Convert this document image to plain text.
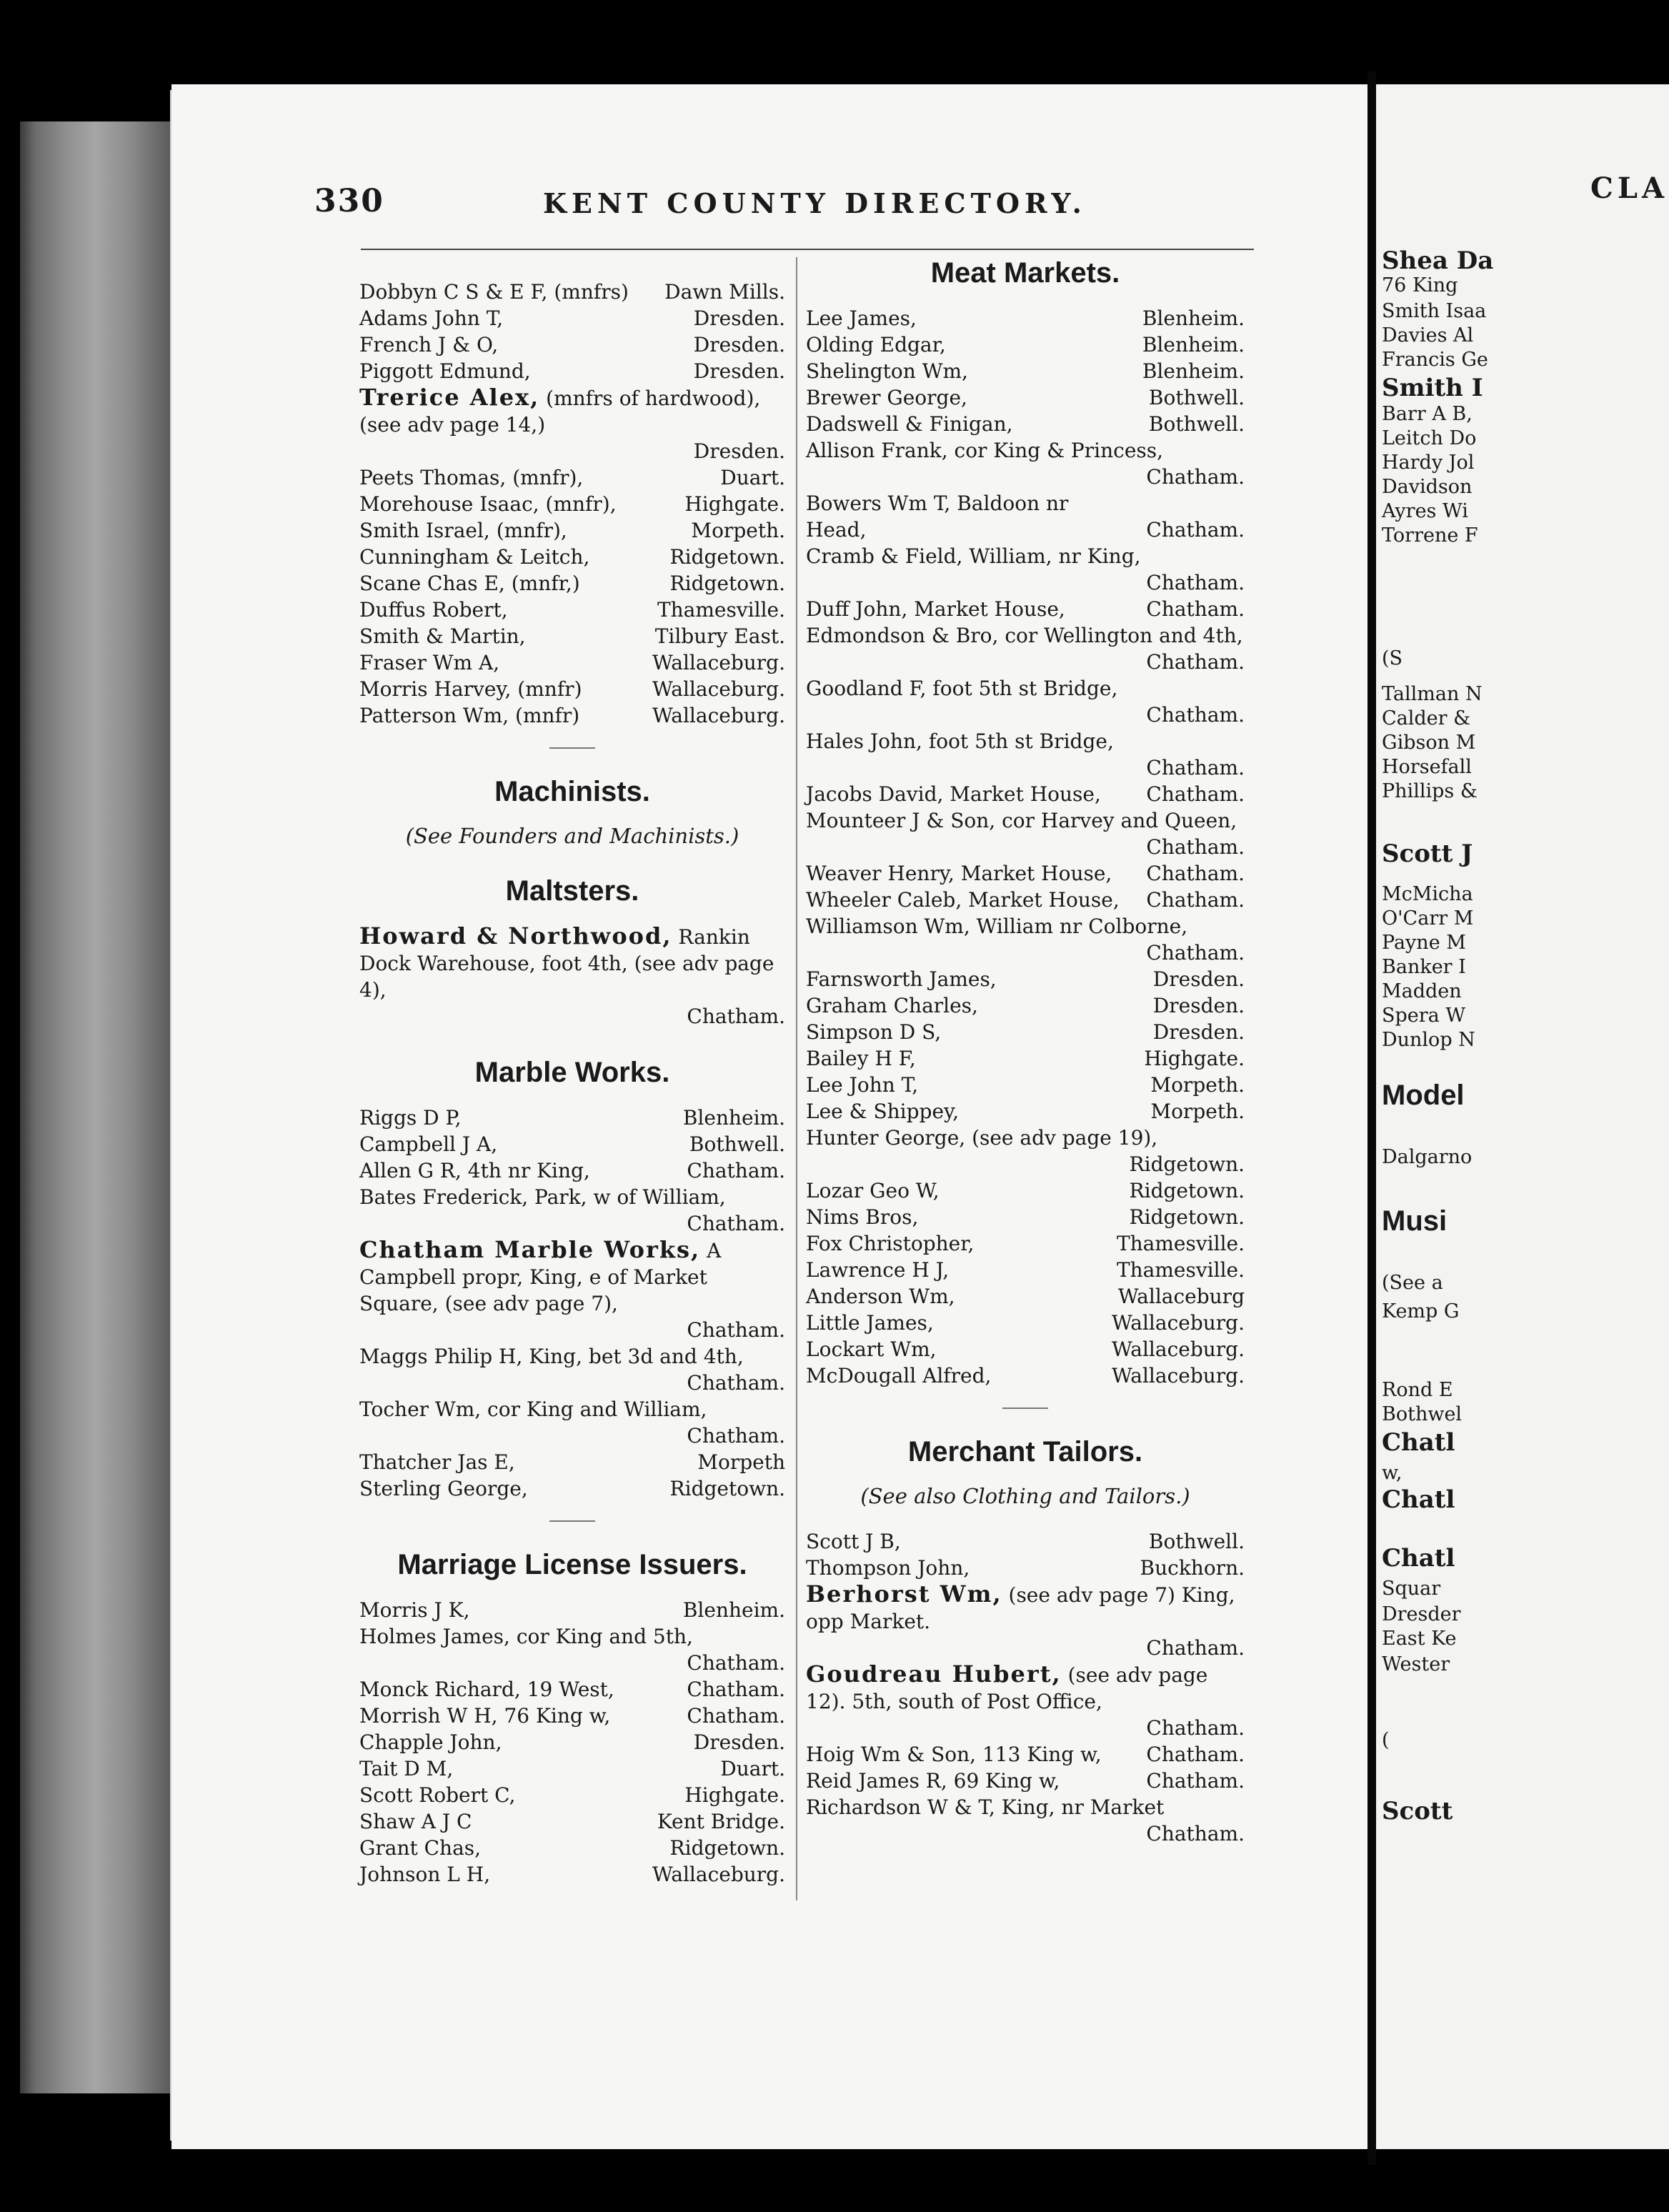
CLA
Shea Da
76 King
Smith Isaa
Davies Al
Francis Ge
Smith I
Barr A B,
Leitch Do
Hardy Jol
Davidson
Ayres Wi
Torrene F
(S
Tallman N
Calder &
Gibson M
Horsefall
Phillips &
Scott J
McMicha
O'Carr M
Payne M
Banker I
Madden
Spera W
Dunlop N
Model
Dalgarno
Musi
(See a
Kemp G
Rond E
Bothwel
Chatl
w,
Chatl
Chatl
Squar
Dresder
East Ke
Wester
(
Scott
330	KENT COUNTY DIRECTORY.
Dobbyn C S & E F, (mnfrs)	Dawn Mills.
Adams John T,	Dresden.
French J & O,	Dresden.
Piggott Edmund,	Dresden.
Trerice Alex, (mnfrs of hardwood), (see adv page 14,)
Dresden.
Peets Thomas, (mnfr),	Duart.
Morehouse Isaac, (mnfr),	Highgate.
Smith Israel, (mnfr),	Morpeth.
Cunningham & Leitch,	Ridgetown.
Scane Chas E, (mnfr,)	Ridgetown.
Duffus Robert,	Thamesville.
Smith & Martin,	Tilbury East.
Fraser Wm A,	Wallaceburg.
Morris Harvey, (mnfr)	Wallaceburg.
Patterson Wm, (mnfr)	Wallaceburg.
Machinists.
(See Founders and Machinists.)
Maltsters.
Howard & Northwood, Rankin Dock Warehouse, foot 4th, (see adv page 4),
Chatham.
Marble Works.
Riggs D P,	Blenheim.
Campbell J A,	Bothwell.
Allen G R, 4th nr King,	Chatham.
Bates Frederick, Park, w of William,
Chatham.
Chatham Marble Works, A Campbell propr, King, e of Market Square, (see adv page 7),
Chatham.
Maggs Philip H, King, bet 3d and 4th,
Chatham.
Tocher Wm, cor King and William,
Chatham.
Thatcher Jas E,	Morpeth
Sterling George,	Ridgetown.
Marriage License Issuers.
Morris J K,	Blenheim.
Holmes James, cor King and 5th,
Chatham.
Monck Richard, 19 West,	Chatham.
Morrish W H, 76 King w,	Chatham.
Chapple John,	Dresden.
Tait D M,	Duart.
Scott Robert C,	Highgate.
Shaw A J C	Kent Bridge.
Grant Chas,	Ridgetown.
Johnson L H,	Wallaceburg.
Meat Markets.
Lee James,	Blenheim.
Olding Edgar,	Blenheim.
Shelington Wm,	Blenheim.
Brewer George,	Bothwell.
Dadswell & Finigan,	Bothwell.
Allison Frank, cor King & Princess,
Chatham.
Bowers Wm T, Baldoon nr Head,	Chatham.
Cramb & Field, William, nr King,
Chatham.
Duff John, Market House,	Chatham.
Edmondson & Bro, cor Wellington and 4th,
Chatham.
Goodland F, foot 5th st Bridge,
Chatham.
Hales John, foot 5th st Bridge,
Chatham.
Jacobs David, Market House,	Chatham.
Mounteer J & Son, cor Harvey and Queen,
Chatham.
Weaver Henry, Market House,	Chatham.
Wheeler Caleb, Market House,	Chatham.
Williamson Wm, William nr Colborne,
Chatham.
Farnsworth James,	Dresden.
Graham Charles,	Dresden.
Simpson D S,	Dresden.
Bailey H F,	Highgate.
Lee John T,	Morpeth.
Lee & Shippey,	Morpeth.
Hunter George, (see adv page 19),
Ridgetown.
Lozar Geo W,	Ridgetown.
Nims Bros,	Ridgetown.
Fox Christopher,	Thamesville.
Lawrence H J,	Thamesville.
Anderson Wm,	Wallaceburg
Little James,	Wallaceburg.
Lockart Wm,	Wallaceburg.
McDougall Alfred,	Wallaceburg.
Merchant Tailors.
(See also Clothing and Tailors.)
Scott J B,	Bothwell.
Thompson John,	Buckhorn.
Berhorst Wm, (see adv page 7) King, opp Market.
Chatham.
Goudreau Hubert, (see adv page 12). 5th, south of Post Office,
Chatham.
Hoig Wm & Son, 113 King w,	Chatham.
Reid James R, 69 King w,	Chatham.
Richardson W & T, King, nr Market
Chatham.
